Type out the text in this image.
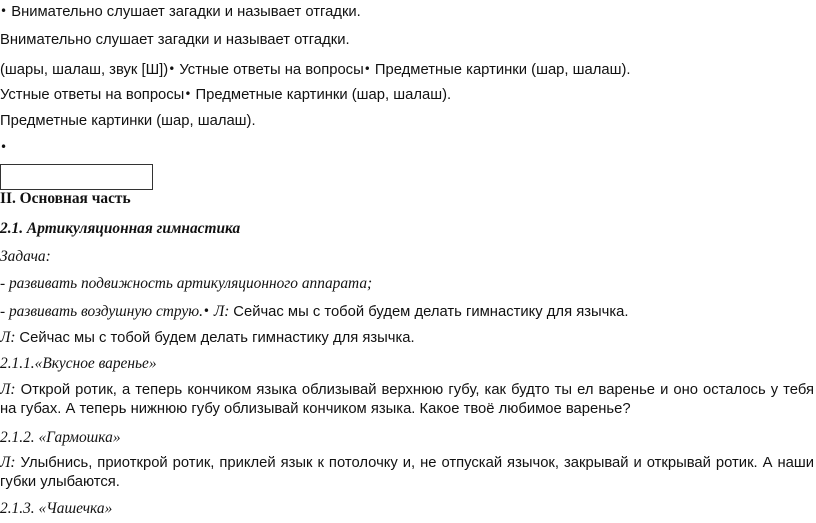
• Внимательно слушает загадки и называет отгадки.
Внимательно слушает загадки и называет отгадки.
(шары, шалаш, звук [Ш])• Устные ответы на вопросы• Предметные картинки (шар, шалаш).
Устные ответы на вопросы• Предметные картинки (шар, шалаш).
Предметные картинки (шар, шалаш).
•
II. Основная часть
2.1. Артикуляционная гимнастика
Задача:
- развивать подвижность артикуляционного аппарата;
- развивать воздушную струю.• Л: Сейчас мы с тобой будем делать гимнастику для язычка.
Л: Сейчас мы с тобой будем делать гимнастику для язычка.
2.1.1.«Вкусное варенье»
Л: Открой ротик, а теперь кончиком языка облизывай верхнюю губу, как будто ты ел варенье и оно осталось у тебя на губах. А теперь нижнюю губу облизывай кончиком языка. Какое твоё любимое варенье?
2.1.2. «Гармошка»
Л: Улыбнись, приоткрой ротик, приклей язык к потолочку и, не отпускай язычок, закрывай и открывай ротик. А наши губки улыбаются.
2.1.3. «Чашечка»
